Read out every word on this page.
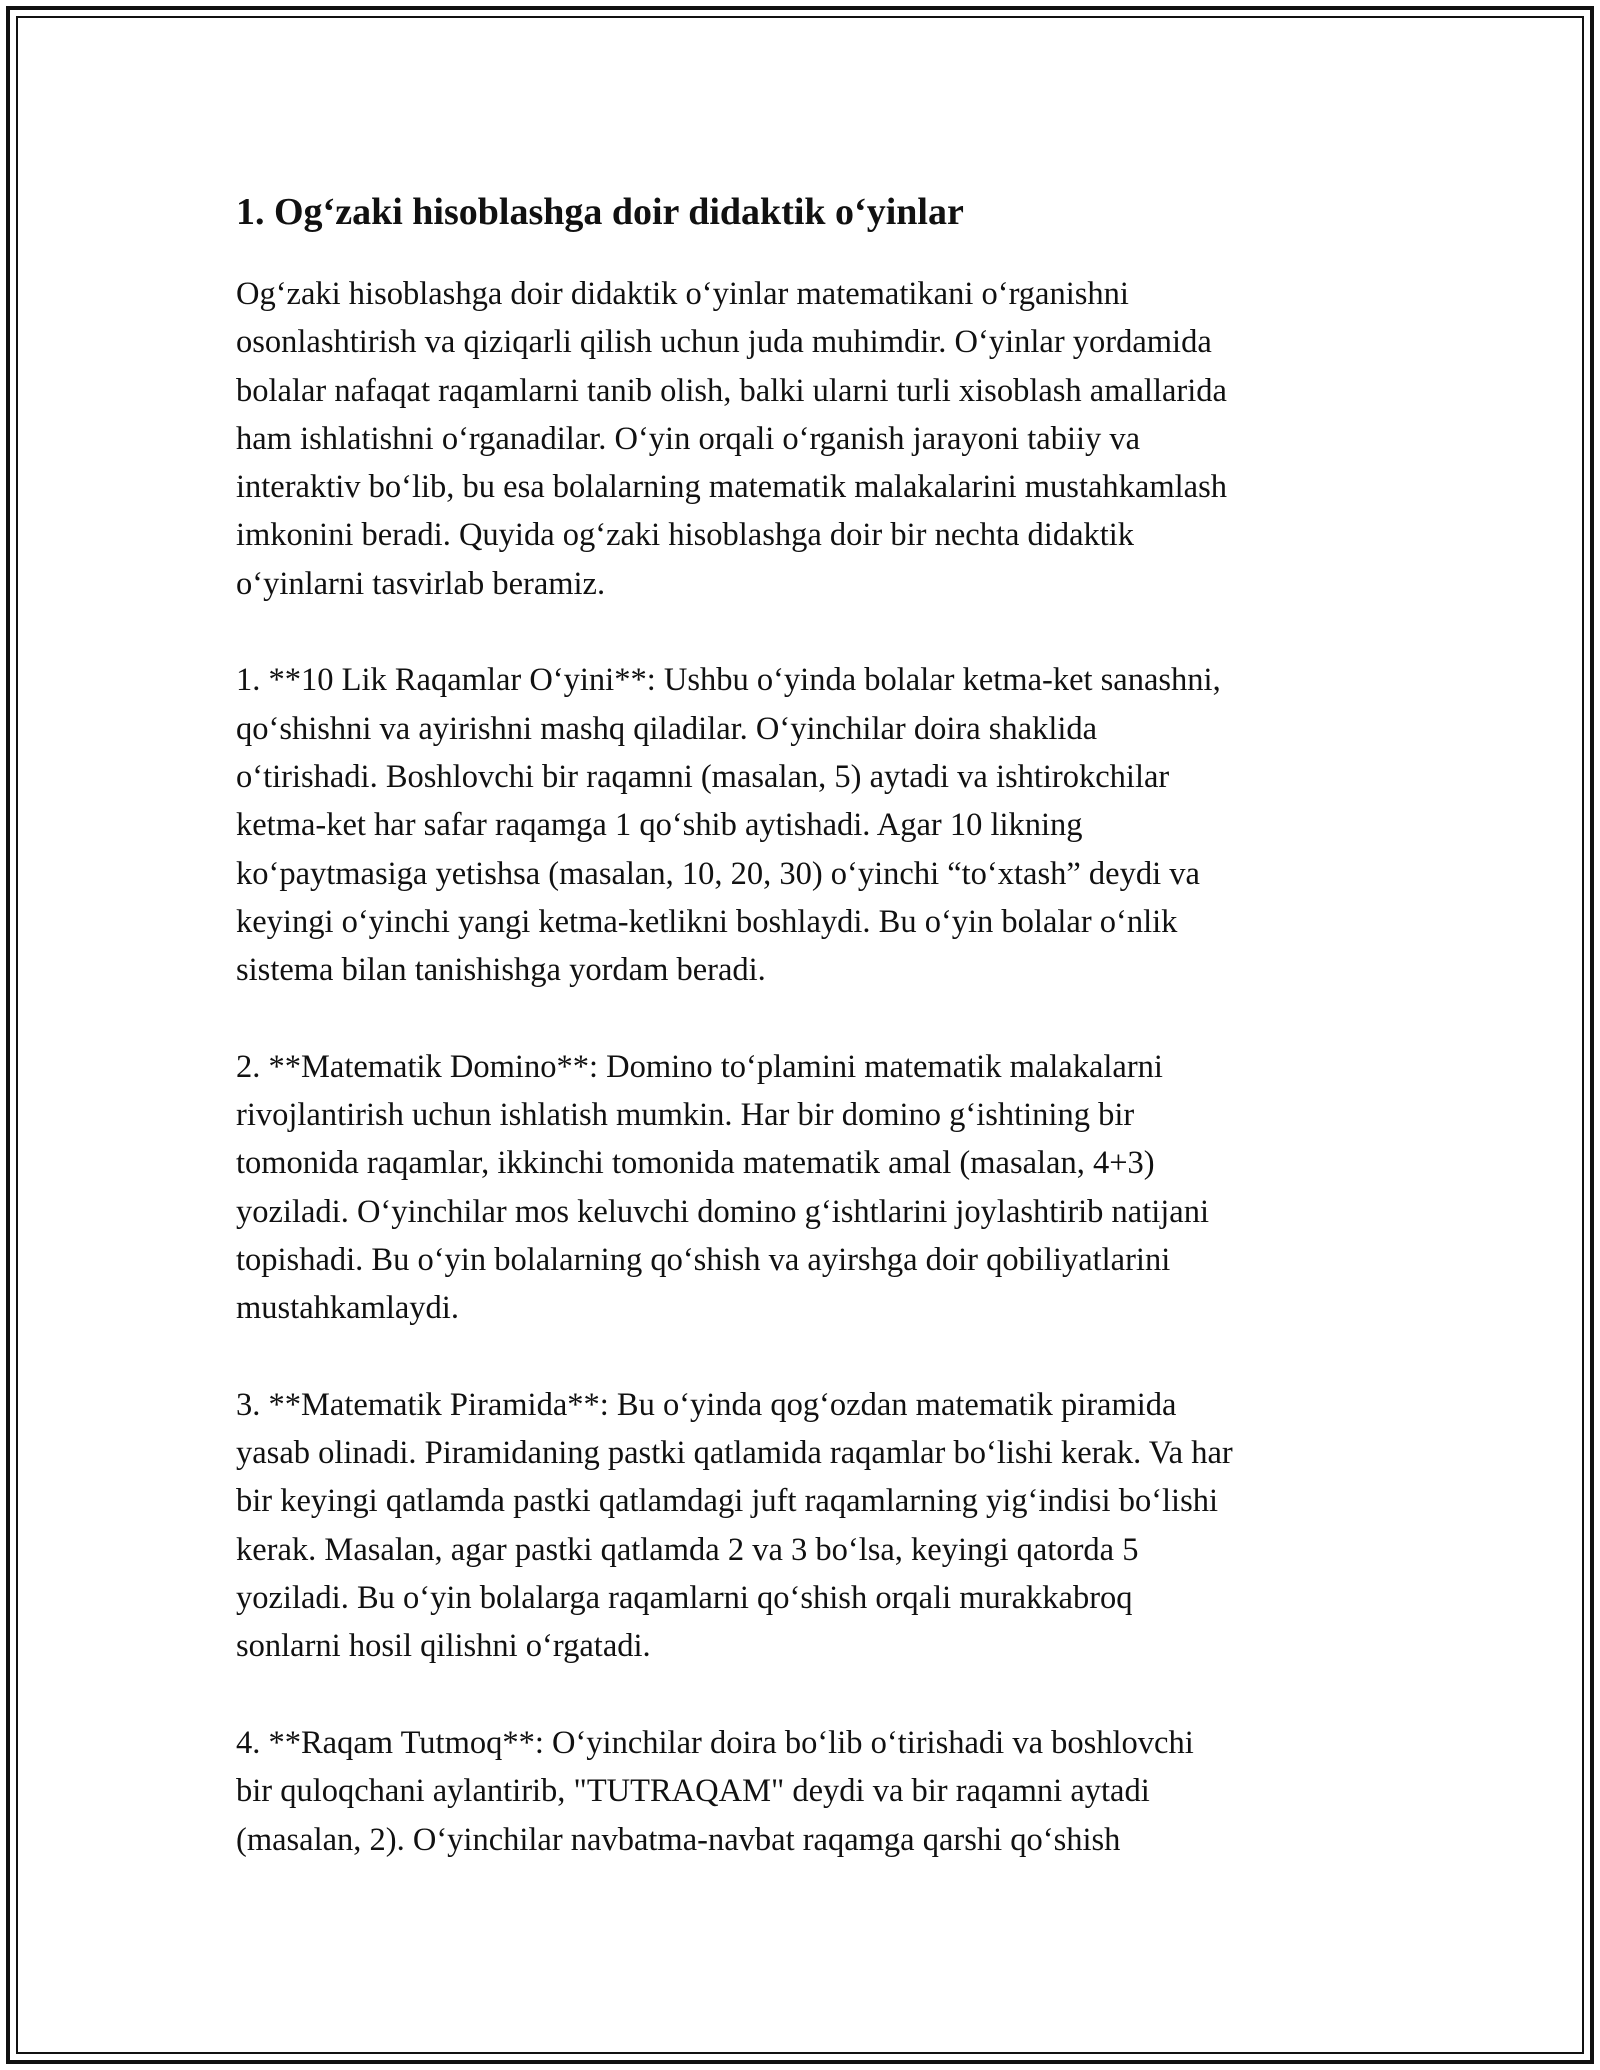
1. Og‘zaki hisoblashga doir didaktik o‘yinlar

Og‘zaki hisoblashga doir didaktik o‘yinlar matematikani o‘rganishni
osonlashtirish va qiziqarli qilish uchun juda muhimdir. O‘yinlar yordamida
bolalar nafaqat raqamlarni tanib olish, balki ularni turli xisoblash amallarida
ham ishlatishni o‘rganadilar. O‘yin orqali o‘rganish jarayoni tabiiy va
interaktiv bo‘lib, bu esa bolalarning matematik malakalarini mustahkamlash
imkonini beradi. Quyida og‘zaki hisoblashga doir bir nechta didaktik
o‘yinlarni tasvirlab beramiz.

1. **10 Lik Raqamlar O‘yini**: Ushbu o‘yinda bolalar ketma-ket sanashni,
qo‘shishni va ayirishni mashq qiladilar. O‘yinchilar doira shaklida
o‘tirishadi. Boshlovchi bir raqamni (masalan, 5) aytadi va ishtirokchilar
ketma-ket har safar raqamga 1 qo‘shib aytishadi. Agar 10 likning
ko‘paytmasiga yetishsa (masalan, 10, 20, 30) o‘yinchi “to‘xtash” deydi va
keyingi o‘yinchi yangi ketma-ketlikni boshlaydi. Bu o‘yin bolalar o‘nlik
sistema bilan tanishishga yordam beradi.

2. **Matematik Domino**: Domino to‘plamini matematik malakalarni
rivojlantirish uchun ishlatish mumkin. Har bir domino g‘ishtining bir
tomonida raqamlar, ikkinchi tomonida matematik amal (masalan, 4+3)
yoziladi. O‘yinchilar mos keluvchi domino g‘ishtlarini joylashtirib natijani
topishadi. Bu o‘yin bolalarning qo‘shish va ayirshga doir qobiliyatlarini
mustahkamlaydi.

3. **Matematik Piramida**: Bu o‘yinda qog‘ozdan matematik piramida
yasab olinadi. Piramidaning pastki qatlamida raqamlar bo‘lishi kerak. Va har
bir keyingi qatlamda pastki qatlamdagi juft raqamlarning yig‘indisi bo‘lishi
kerak. Masalan, agar pastki qatlamda 2 va 3 bo‘lsa, keyingi qatorda 5
yoziladi. Bu o‘yin bolalarga raqamlarni qo‘shish orqali murakkabroq
sonlarni hosil qilishni o‘rgatadi.

4. **Raqam Tutmoq**: O‘yinchilar doira bo‘lib o‘tirishadi va boshlovchi
bir quloqchani aylantirib, "TUTRAQAM" deydi va bir raqamni aytadi
(masalan, 2). O‘yinchilar navbatma-navbat raqamga qarshi qo‘shish
